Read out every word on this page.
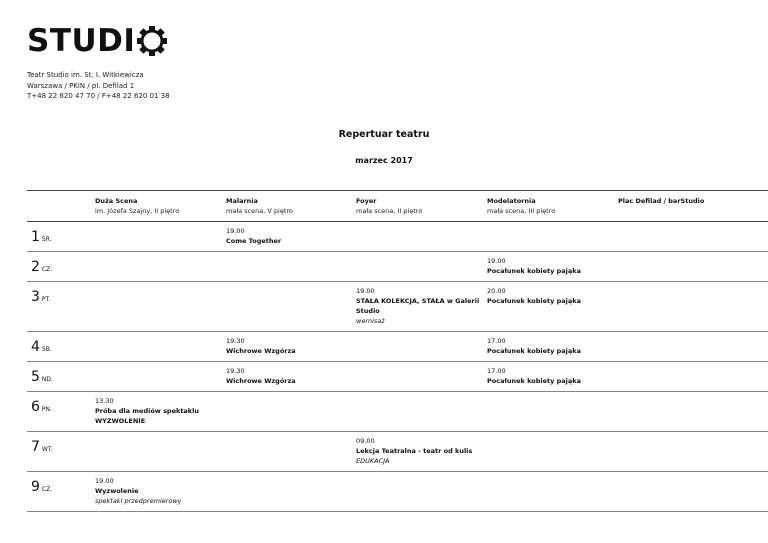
STUDI
Teatr Studio im. St. I. Witkiewicza
Warszawa / PKiN / pl. Defilad 1
T+48 22 620 47 70 / F+48 22 620 01 38
Repertuar teatru
marzec 2017
Duża Scena
im. Józefa Szajny, II piętro
Malarnia
mała scena, V piętro
Foyer
mała scena, II piętro
Modelatornia
mała scena, III piętro
Plac Defilad / barStudio
1 ŚR.
19.00
Come Together
2 CZ.
19.00
Pocałunek kobiety pająka
3 PT.
19.00
STAŁA KOLEKCJA, STAŁA w Galerii Studio
wernisaż
20.00
Pocałunek kobiety pająka
4 SB.
19.30
Wichrowe Wzgórza
17.00
Pocałunek kobiety pająka
5 ND.
19.30
Wichrowe Wzgórza
17.00
Pocałunek kobiety pająka
6 PN.
13.30
Próba dla mediów spektaklu WYZWOLENIE
7 WT.
09.00
Lekcja Teatralna - teatr od kulis
EDUKACJA
9 CZ.
19.00
Wyzwolenie
spektakl przedpremierowy
